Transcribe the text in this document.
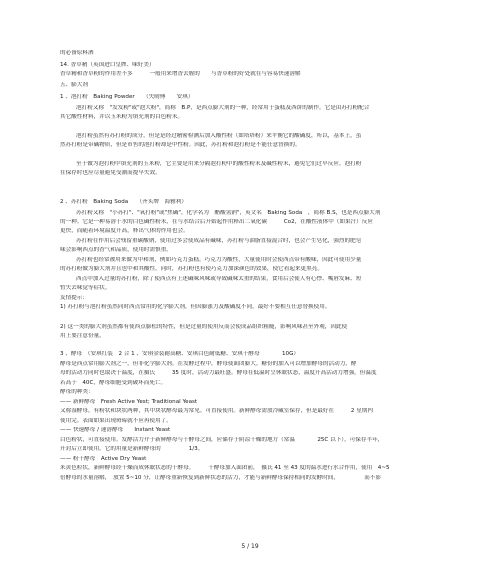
的必备原料酒
14. 香草精（英国进口皇牌、味好美）
香草精和香草粉的作用差不多　　　一般用来增香去腥的　　与香草粉的好处就在与容易快速溶解
五、膨大剂
1 、泡打粉　Baking Powder　　（失晴傅　　安琪）
泡打粉又称　"发发粉"或"泡大粉"，简称　B.P，是西点膨大剂的一种，经常用于蛋糕及西饼的制作。它是由苏打粉配合
其它酸性材料，并以玉米粉为填充剂的白色粉末。
泡打粉虽然有苏打粉的成分，但是是经过精密检测后加入酸性粉（如塔塔粉）来平衡它的酸碱度，所以，基本上，虽
然苏打粉是带碱物质，但是市售的泡打粉却是中性粉。因此，苏打粉和泡打粉是不能任意替换的。
至于做为泡打粉中填充剂的玉米粉，它主要是用来分隔泡打粉中的酸性粉末及碱性粉末，避免它们过早反应。泡打粉
在保存时也应尽量避免受潮而提早失效。
2 、苏打粉　Baking Soda　　（齐头牌　海雅利）
苏打粉又称　"小苏打"、"氧打粉"或"焦碱"，化学名为　醋酸氢钠"，英文名　Baking Soda　，简称 B.S，也是西点膨大剂
的一种。它是一种易溶于水的白色碱性粉末，在与水结合后开始起作用释出二氧化碳　　　Co2，在酸性液体中（如果汁）反应
更快，而随着环境温度升高，释出气体的作用也会。
苏打粉在作用后会残留重碳酸钠，使用过多会使成品有碱味，苏打粉与油脂直接混合时，也会产生皂化，强烈的肥皂
味会影响西点的香气和品质，使用时需慎重。
苏打粉也经常被用来做为中和剂，例如巧克力蛋糕。巧克力为酸性，大量使用时会使西点带有酸味，因此可使用少量
的苏打粉做为膨大剂并且也中和其酸性，同时，苏打粉也有使巧克力加深颜色的效果，使它看起来更黑亮。
西点中加入过量的苏打粉，除了使西点有上述碱味风味或导致碱味太重的结果，食用后会使人有心悸、嘴唇发麻、短
暂失去味觉等症状。
友情提示：
1) 苏打粉与泡打粉虽然同时西点常用的化学膨大剂，但因膨涨力及酸碱度不同，最好不要相互任意替换使用。
2) 这一类的膨大剂虽然都有使西点膨松的特性，但是过量的使用反而会使成品组织粗糙，影响风味甚至外观，因此使
用上要注意份量。
3 、酵母　（安琪红装　2 合 1 、安琪金装耐高糖、安琪白色耐低糖、安琪干酵母　　　　10G）
酵母是西点常用膨大剂之一，但非化学膨大剂。在发酵过程中，酵母使面团膨大。糖份的加入可以增加酵母的活动力，酵
母的活动力同时也取决于温度，在摄氏　　　35 度时，活动力最旺盛。酵母在低温时呈休眠状态，温度升高活动力增强，但温度
若高于　40C，酵母细胞受到破坏而死亡。
酵母的种类：
—— 新鲜酵母　Fresh Active Yest; Traditional Yeast
又称湿酵母，有粉状和块状两种，其中块状酵母最为常见。可直接使用。新鲜酵母需放冷藏室保存，但是最好在　　　2 星期内
使用完。表面如果出现斑霉就不应再使用了。
—— 快速酵母 / 速溶酵母　　Instant Yeast
白色粉状，可直接使用。发酵活力介于新鲜酵母与干酵母之间，应储存于阴凉干燥的地方（常温　　　　25C 以下），可保存半年，
开封后立即使用。它的用量是新鲜酵母的　　　　　1/3。
—— 粉干酵母　Active Dry Yeast
米黄色粒状，新鲜酵母经干燥而成休眠状态的干酵母。　　　干酵母加入面团前，　摄氏 41 至 43 度的温水进行水合作用，使用　4~5
倍酵母的水量溶解，　放置 5~10 分，让酵母重新恢复到新鲜状态的活力，才能与新鲜酵母保持相同的发酵时间，　　　　　而不影
5 / 19
